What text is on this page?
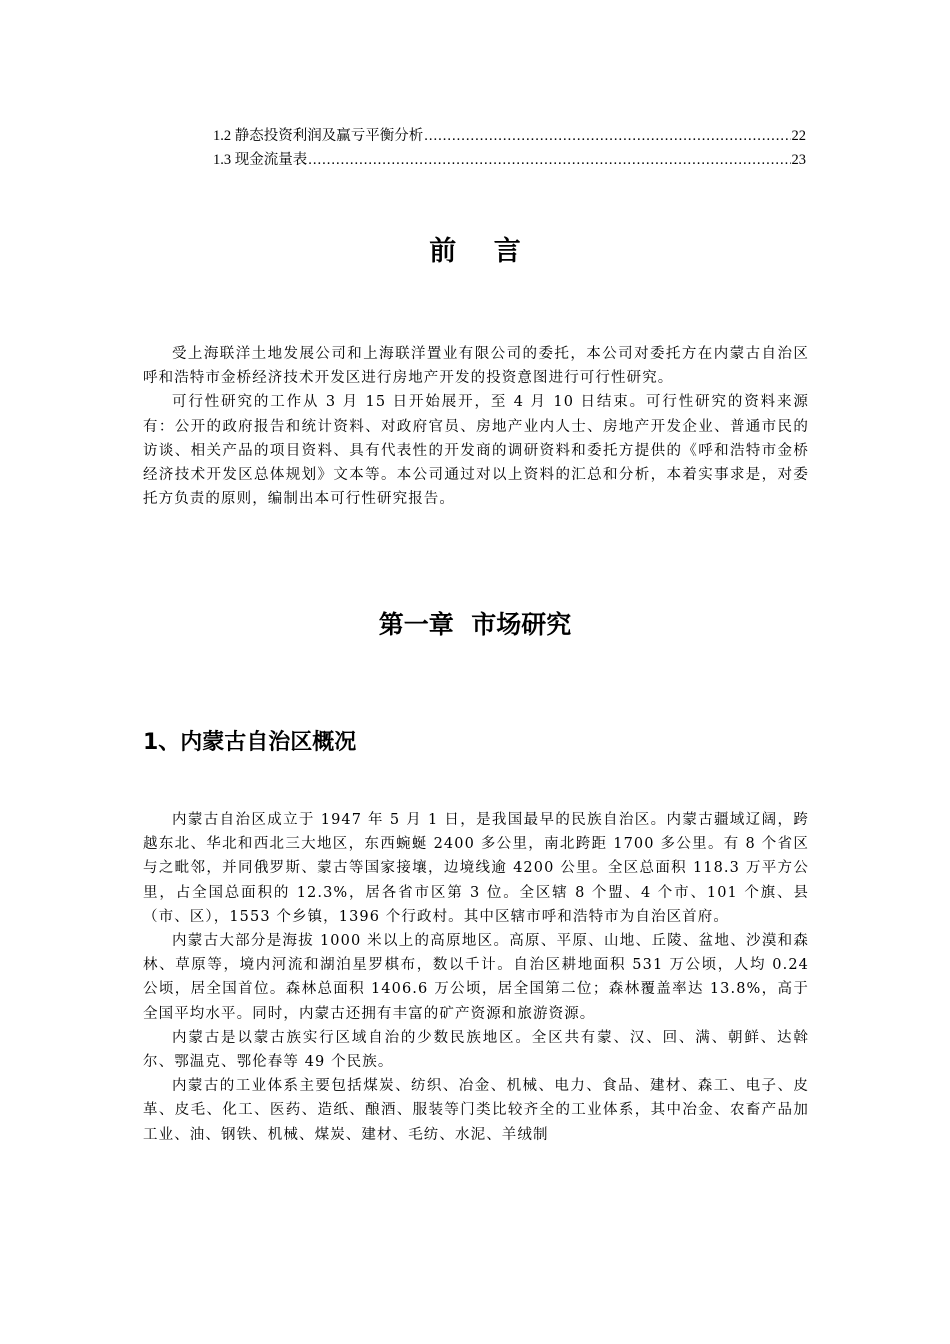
1.2 静态投资利润及赢亏平衡分析 .....	22
1.3 现金流量表 .....	23
前 言

受上海联洋土地发展公司和上海联洋置业有限公司的委托，本公司对委托方在内蒙古自治区呼和浩特市金桥经济技术开发区进行房地产开发的投资意图进行可行性研究。

可行性研究的工作从 3 月 15 日开始展开，至 4 月 10 日结束。可行性研究的资料来源有：公开的政府报告和统计资料、对政府官员、房地产业内人士、房地产开发企业、普通市民的访谈、相关产品的项目资料、具有代表性的开发商的调研资料和委托方提供的《呼和浩特市金桥经济技术开发区总体规划》文本等。本公司通过对以上资料的汇总和分析，本着实事求是，对委托方负责的原则，编制出本可行性研究报告。

第一章  市场研究
1、内蒙古自治区概况

内蒙古自治区成立于 1947 年 5 月 1 日，是我国最早的民族自治区。内蒙古疆域辽阔，跨越东北、华北和西北三大地区，东西蜿蜒 2400 多公里，南北跨距 1700 多公里。有 8 个省区与之毗邻，并同俄罗斯、蒙古等国家接壤，边境线逾 4200 公里。全区总面积 118.3 万平方公里，占全国总面积的 12.3%，居各省市区第 3 位。全区辖 8 个盟、4 个市、101 个旗、县（市、区），1553 个乡镇，1396 个行政村。其中区辖市呼和浩特市为自治区首府。

内蒙古大部分是海拔 1000 米以上的高原地区。高原、平原、山地、丘陵、盆地、沙漠和森林、草原等，境内河流和湖泊星罗棋布，数以千计。自治区耕地面积 531 万公顷，人均 0.24 公顷，居全国首位。森林总面积 1406.6 万公顷，居全国第二位；森林覆盖率达 13.8%，高于全国平均水平。同时，内蒙古还拥有丰富的矿产资源和旅游资源。

内蒙古是以蒙古族实行区域自治的少数民族地区。全区共有蒙、汉、回、满、朝鲜、达斡尔、鄂温克、鄂伦春等 49 个民族。

内蒙古的工业体系主要包括煤炭、纺织、冶金、机械、电力、食品、建材、森工、电子、皮革、皮毛、化工、医药、造纸、酿酒、服装等门类比较齐全的工业体系，其中冶金、农畜产品加工业、油、钢铁、机械、煤炭、建材、毛纺、水泥、羊绒制
